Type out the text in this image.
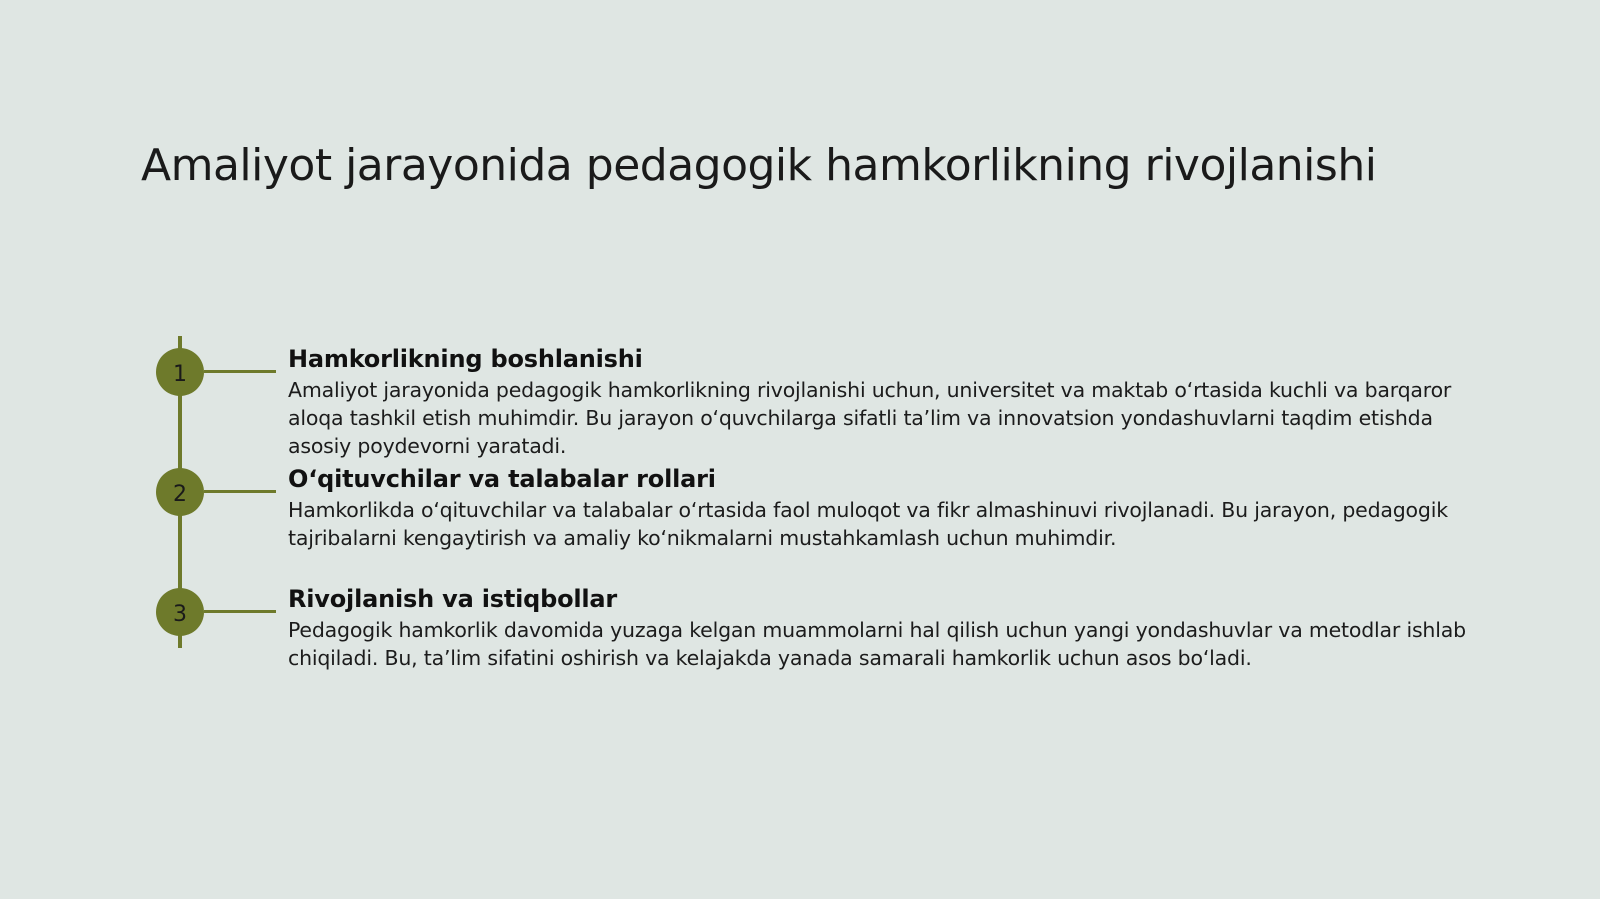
Amaliyot jarayonida pedagogik hamkorlikning rivojlanishi
1
Hamkorlikning boshlanishi

Amaliyot jarayonida pedagogik hamkorlikning rivojlanishi uchun, universitet va maktab o‘rtasida kuchli va barqaror aloqa tashkil etish muhimdir. Bu jarayon o‘quvchilarga sifatli ta’lim va innovatsion yondashuvlarni taqdim etishda asosiy poydevorni yaratadi.

2
O‘qituvchilar va talabalar rollari

Hamkorlikda o‘qituvchilar va talabalar o‘rtasida faol muloqot va fikr almashinuvi rivojlanadi. Bu jarayon, pedagogik tajribalarni kengaytirish va amaliy ko‘nikmalarni mustahkamlash uchun muhimdir.

3
Rivojlanish va istiqbollar

Pedagogik hamkorlik davomida yuzaga kelgan muammolarni hal qilish uchun yangi yondashuvlar va metodlar ishlab chiqiladi. Bu, ta’lim sifatini oshirish va kelajakda yanada samarali hamkorlik uchun asos bo‘ladi.
